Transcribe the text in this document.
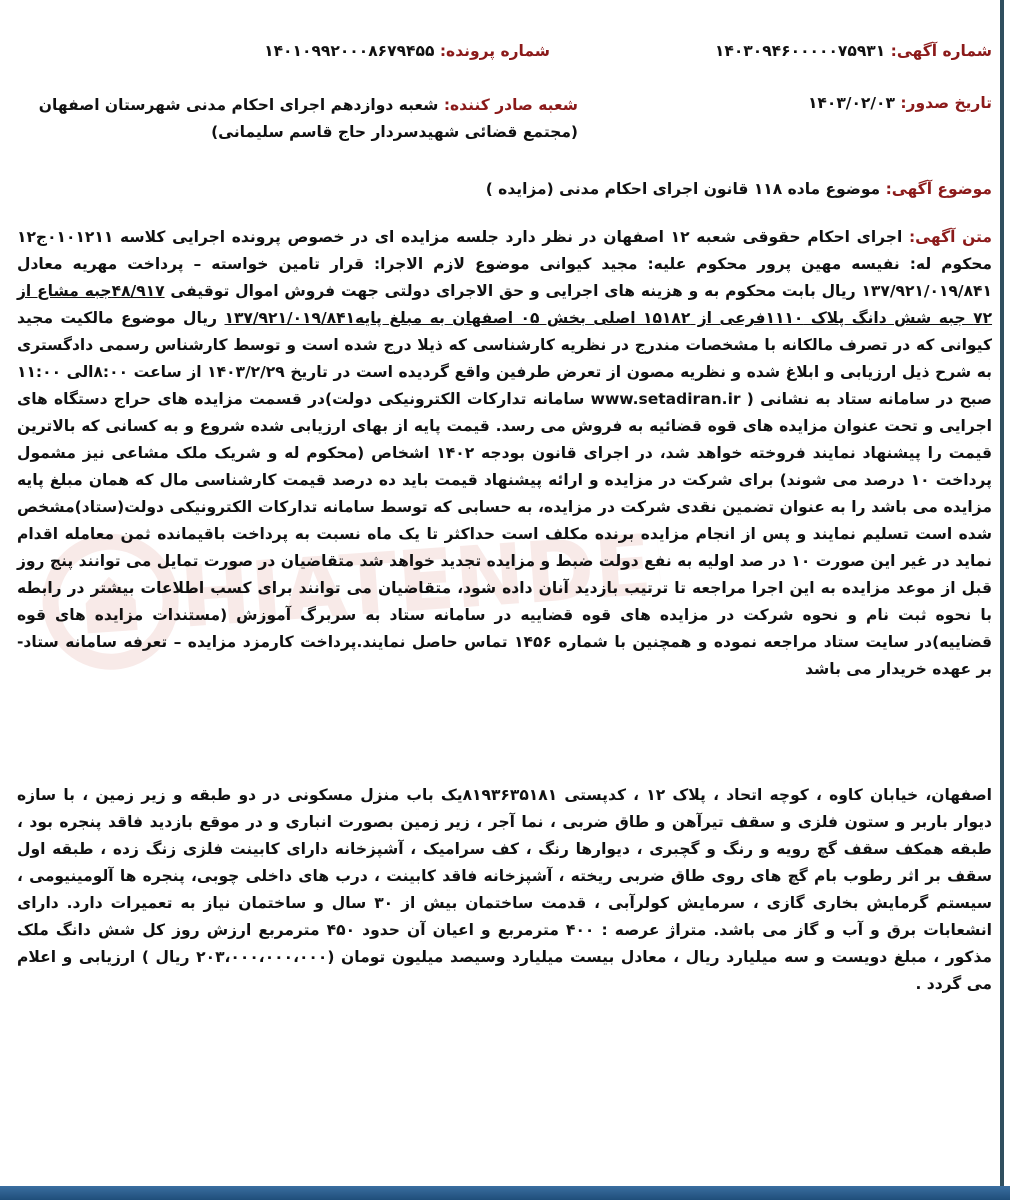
HIATENDER.NET
شماره آگهی: ۱۴۰۳۰۹۴۶۰۰۰۰۰۷۵۹۳۱
شماره پرونده: ۱۴۰۱۰۹۹۲۰۰۰۸۶۷۹۴۵۵
تاریخ صدور: ۱۴۰۳/۰۲/۰۳
شعبه صادر کننده: شعبه دوازدهم اجرای احکام مدنی شهرستان اصفهان (مجتمع قضائی شهیدسردار حاج قاسم سلیمانی)
موضوع آگهی: موضوع ماده ۱۱۸ قانون اجرای احکام مدنی (مزایده )
متن آگهی: اجرای احکام حقوقی شعبه ۱۲ اصفهان در نظر دارد جلسه مزایده ای در خصوص پرونده اجرایی کلاسه ۰۱۰۱۲۱۱ج۱۲ محکوم له: نفیسه مهین پرور محکوم علیه: مجید کیوانی موضوع لازم الاجرا: قرار تامین خواسته – پرداخت مهریه معادل ۱۳۷/۹۲۱/۰۱۹/۸۴۱ ریال بابت محکوم به و هزینه های اجرایی و حق الاجرای دولتی جهت فروش اموال توقیفی ۴۸/۹۱۷جبه مشاع از ۷۲ جبه شش دانگ پلاک ۱۱۱۰فرعی از ۱۵۱۸۲ اصلی بخش ۰۵ اصفهان به مبلغ پایه۱۳۷/۹۲۱/۰۱۹/۸۴۱ ریال موضوع مالکیت مجید کیوانی که در تصرف مالکانه با مشخصات مندرج در نظریه کارشناسی که ذیلا درج شده است و توسط کارشناس رسمی دادگستری به شرح ذیل ارزیابی و ابلاغ شده و نظریه مصون از تعرض طرفین واقع گردیده است در تاریخ ۱۴۰۳/۲/۲۹ از ساعت ۸:۰۰الی ۱۱:۰۰ صبح در سامانه ستاد به نشانی ( www.setadiran.ir سامانه تدارکات الکترونیکی دولت)در قسمت مزایده های حراج دستگاه های اجرایی و تحت عنوان مزایده های قوه قضائیه به فروش می رسد. قیمت پایه از بهای ارزیابی شده شروع و به کسانی که بالاترین قیمت را پیشنهاد نمایند فروخته خواهد شد، در اجرای قانون بودجه ۱۴۰۲ اشخاص (محکوم له و شریک ملک مشاعی نیز مشمول پرداخت ۱۰ درصد می شوند) برای شرکت در مزایده و ارائه پیشنهاد قیمت باید ده درصد قیمت کارشناسی مال که همان مبلغ پایه مزایده می باشد را به عنوان تضمین نقدی شرکت در مزایده، به حسابی که توسط سامانه تدارکات الکترونیکی دولت(ستاد)مشخص شده است تسلیم نمایند و پس از انجام مزایده برنده مکلف است حداکثر تا یک ماه نسبت به پرداخت باقیمانده ثمن معامله اقدام نماید در غیر این صورت ۱۰ در صد اولیه به نفع دولت ضبط و مزایده تجدید خواهد شد متقاضیان در صورت تمایل می توانند پنج روز قبل از موعد مزایده به این اجرا مراجعه تا ترتیب بازدید آنان داده شود، متقاضیان می توانند برای کسب اطلاعات بیشتر در رابطه با نحوه ثبت نام و نحوه شرکت در مزایده های قوه قضاییه در سامانه ستاد به سربرگ آموزش (مستندات مزایده های قوه قضاییه)در سایت ستاد مراجعه نموده و همچنین با شماره ۱۴۵۶ تماس حاصل نمایند.پرداخت کارمزد مزایده – تعرفه سامانه ستاد- بر عهده خریدار می باشد
اصفهان، خیابان کاوه ، کوچه اتحاد ، پلاک ۱۲ ، کدپستی ۸۱۹۳۶۳۵۱۸۱یک باب منزل مسکونی در دو طبقه و زیر زمین ، با سازه دیوار باربر و ستون فلزی و سقف تیرآهن و طاق ضربی ، نما آجر ، زیر زمین بصورت انباری و در موقع بازدید فاقد پنجره بود ، طبقه همکف سقف گچ رویه و رنگ و گچبری ، دیوارها رنگ ، کف سرامیک ، آشپزخانه دارای کابینت فلزی زنگ زده ، طبقه اول سقف بر اثر رطوب بام گچ های روی طاق ضربی ریخته ، آشپزخانه فاقد کابینت ، درب های داخلی چوبی، پنجره ها آلومینیومی ، سیستم گرمایش بخاری گازی ، سرمایش کولرآبی ، قدمت ساختمان بیش از ۳۰ سال و ساختمان نیاز به تعمیرات دارد. دارای انشعابات برق و آب و گاز می باشد. متراژ عرصه : ۴۰۰ مترمربع و اعیان آن حدود ۴۵۰ مترمربع ارزش روز کل شش دانگ ملک مذکور ، مبلغ دویست و سه میلیارد ریال ، معادل بیست میلیارد وسیصد میلیون تومان (۲۰۳،۰۰۰،۰۰۰،۰۰۰ ریال ) ارزیابی و اعلام می گردد .
